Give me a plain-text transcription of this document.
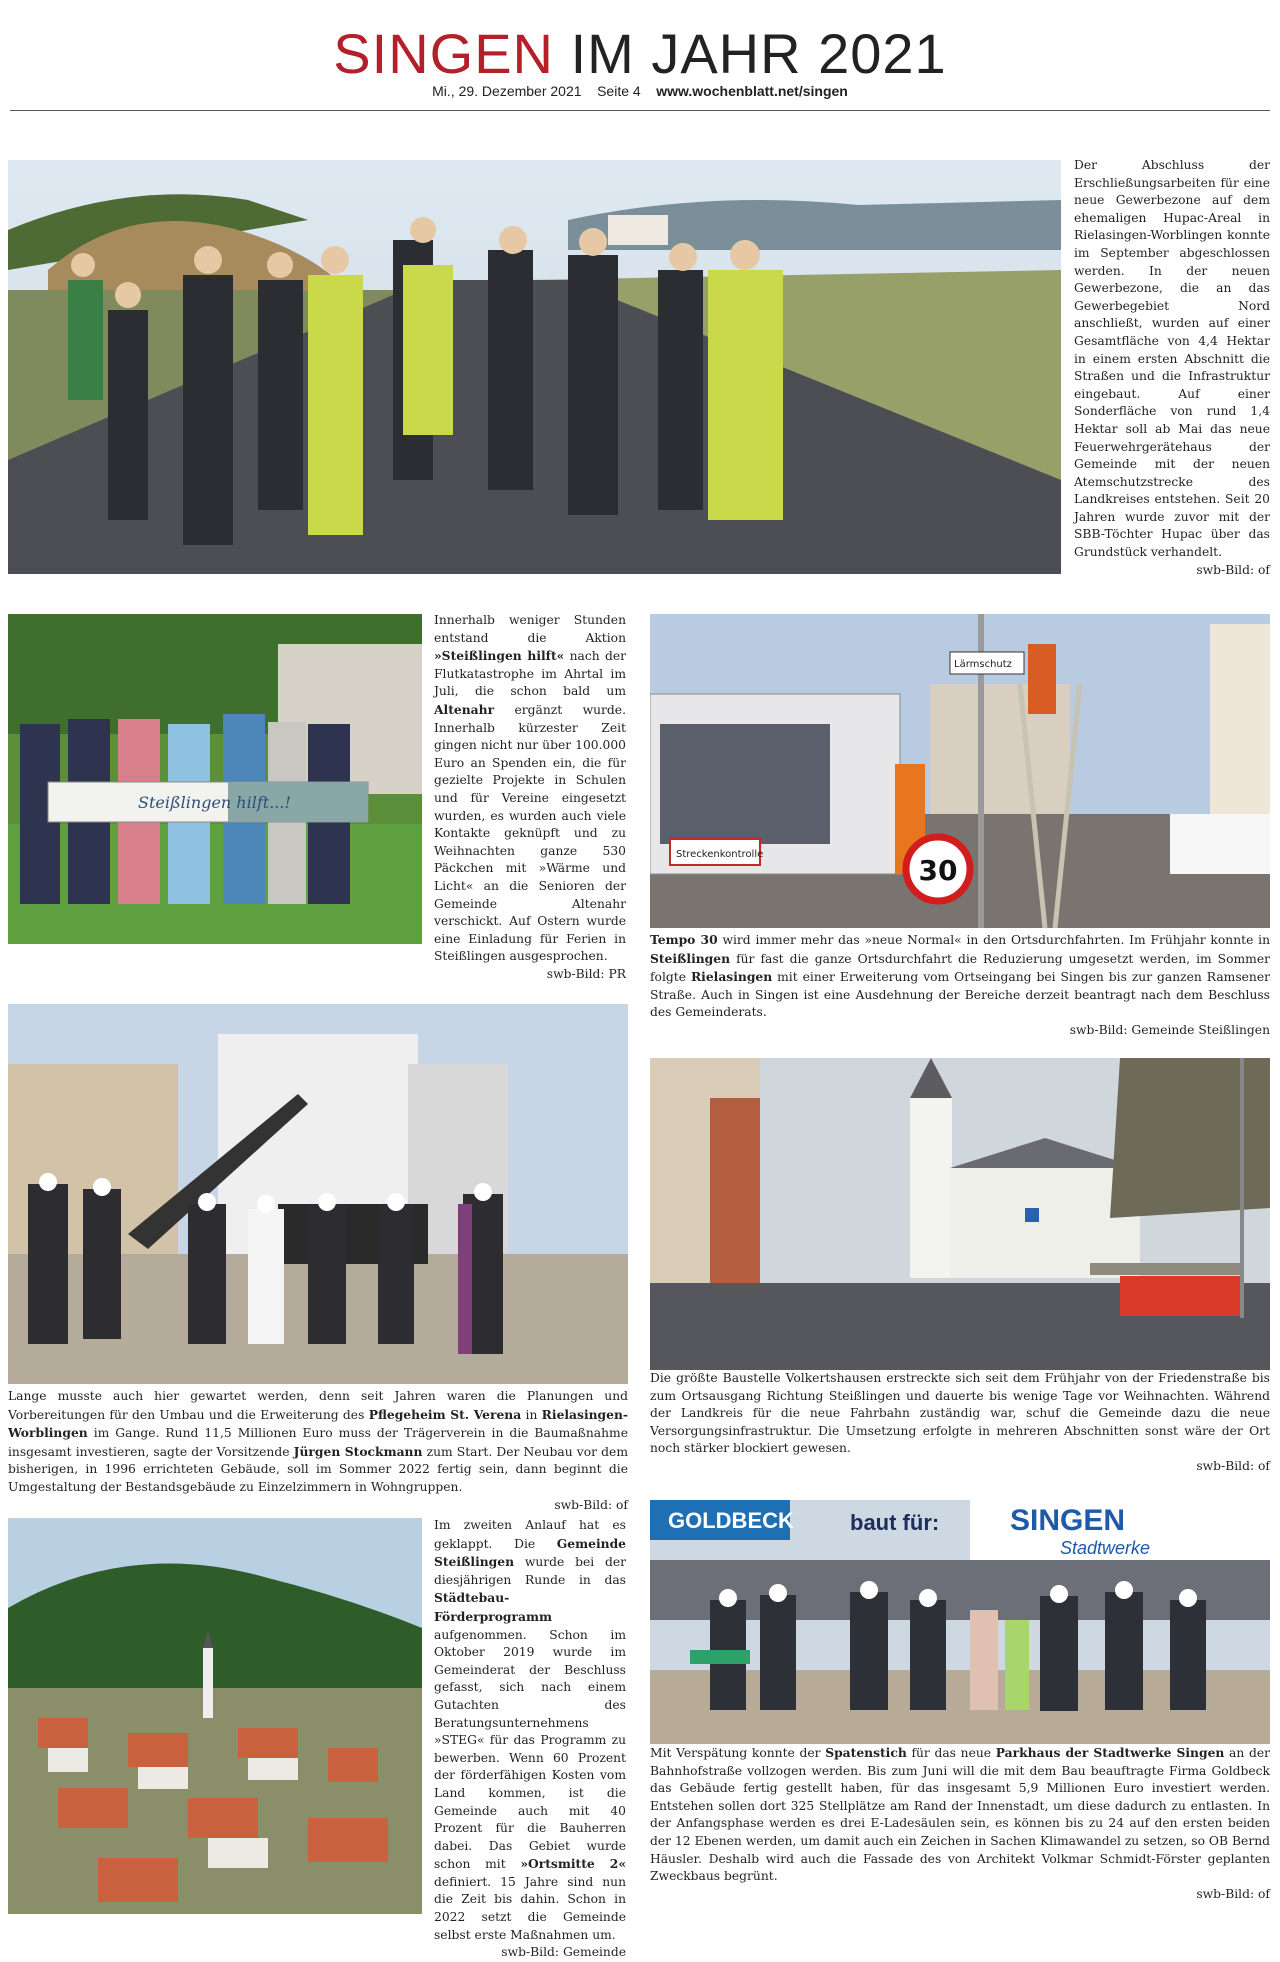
SINGEN IM JAHR 2021
Mi., 29. Dezember 2021 Seite 4 www.wochenblatt.net/singen
Der Abschluss der Erschließungsarbeiten für eine neue Gewerbezone auf dem ehemaligen Hupac-Areal in Rielasingen-Worblingen konnte im September abgeschlossen werden. In der neuen Gewerbezone, die an das Gewerbegebiet Nord anschließt, wurden auf einer Gesamtfläche von 4,4 Hektar in einem ersten Abschnitt die Straßen und die Infrastruktur eingebaut. Auf einer Sonderfläche von rund 1,4 Hektar soll ab Mai das neue Feuerwehrgerätehaus der Gemeinde mit der neuen Atemschutzstrecke des Landkreises entstehen. Seit 20 Jahren wurde zuvor mit der SBB-Töchter Hupac über das Grundstück verhandelt.
swb-Bild: of
Steißlingen hilft...!
Innerhalb weniger Stunden entstand die Aktion »Steißlingen hilft« nach der Flutkatastrophe im Ahrtal im Juli, die schon bald um Altenahr ergänzt wurde. Innerhalb kürzester Zeit gingen nicht nur über 100.000 Euro an Spenden ein, die für gezielte Projekte in Schulen und für Vereine eingesetzt wurden, es wurden auch viele Kontakte geknüpft und zu Weihnachten ganze 530 Päckchen mit »Wärme und Licht« an die Senioren der Gemeinde Altenahr verschickt. Auf Ostern wurde eine Einladung für Ferien in Steißlingen ausgesprochen.
swb-Bild: PR
Streckenkontrolle	30
Lärmschutz
Tempo 30 wird immer mehr das »neue Normal« in den Ortsdurchfahrten. Im Frühjahr konnte in Steißlingen für fast die ganze Ortsdurchfahrt die Reduzierung umgesetzt werden, im Sommer folgte Rielasingen mit einer Erweiterung vom Ortseingang bei Singen bis zur ganzen Ramsener Straße. Auch in Singen ist eine Ausdehnung der Bereiche derzeit beantragt nach dem Beschluss des Gemeinderats.
swb-Bild: Gemeinde Steißlingen
Lange musste auch hier gewartet werden, denn seit Jahren waren die Planungen und Vorbereitungen für den Umbau und die Erweiterung des Pflegeheim St. Verena in Rielasingen-Worblingen im Gange. Rund 11,5 Millionen Euro muss der Trägerverein in die Baumaßnahme insgesamt investieren, sagte der Vorsitzende Jürgen Stockmann zum Start. Der Neubau vor dem bisherigen, in 1996 errichteten Gebäude, soll im Sommer 2022 fertig sein, dann beginnt die Umgestaltung der Bestandsgebäude zu Einzelzimmern in Wohngruppen.
swb-Bild: of
Die größte Baustelle Volkertshausen erstreckte sich seit dem Frühjahr von der Friedenstraße bis zum Ortsausgang Richtung Steißlingen und dauerte bis wenige Tage vor Weihnachten. Während der Landkreis für die neue Fahrbahn zuständig war, schuf die Gemeinde dazu die neue Versorgungsinfrastruktur. Die Umsetzung erfolgte in mehreren Abschnitten sonst wäre der Ort noch stärker blockiert gewesen.
swb-Bild: of
Im zweiten Anlauf hat es geklappt. Die Gemeinde Steißlingen wurde bei der diesjährigen Runde in das Städtebau-Förderprogramm aufgenommen. Schon im Oktober 2019 wurde im Gemeinderat der Beschluss gefasst, sich nach einem Gutachten des Beratungsunternehmens »STEG« für das Programm zu bewerben. Wenn 60 Prozent der förderfähigen Kosten vom Land kommen, ist die Gemeinde auch mit 40 Prozent für die Bauherren dabei. Das Gebiet wurde schon mit »Ortsmitte 2« definiert. 15 Jahre sind nun die Zeit bis dahin. Schon in 2022 setzt die Gemeinde selbst erste Maßnahmen um.
swb-Bild: Gemeinde
GOLDBECK	baut für: SINGEN
Stadtwerke
Mit Verspätung konnte der Spatenstich für das neue Parkhaus der Stadtwerke Singen an der Bahnhofstraße vollzogen werden. Bis zum Juni will die mit dem Bau beauftragte Firma Goldbeck das Gebäude fertig gestellt haben, für das insgesamt 5,9 Millionen Euro investiert werden. Entstehen sollen dort 325 Stellplätze am Rand der Innenstadt, um diese dadurch zu entlasten. In der Anfangsphase werden es drei E-Ladesäulen sein, es können bis zu 24 auf den ersten beiden der 12 Ebenen werden, um damit auch ein Zeichen in Sachen Klimawandel zu setzen, so OB Bernd Häusler. Deshalb wird auch die Fassade des von Architekt Volkmar Schmidt-Förster geplanten Zweckbaus begrünt.
swb-Bild: of
